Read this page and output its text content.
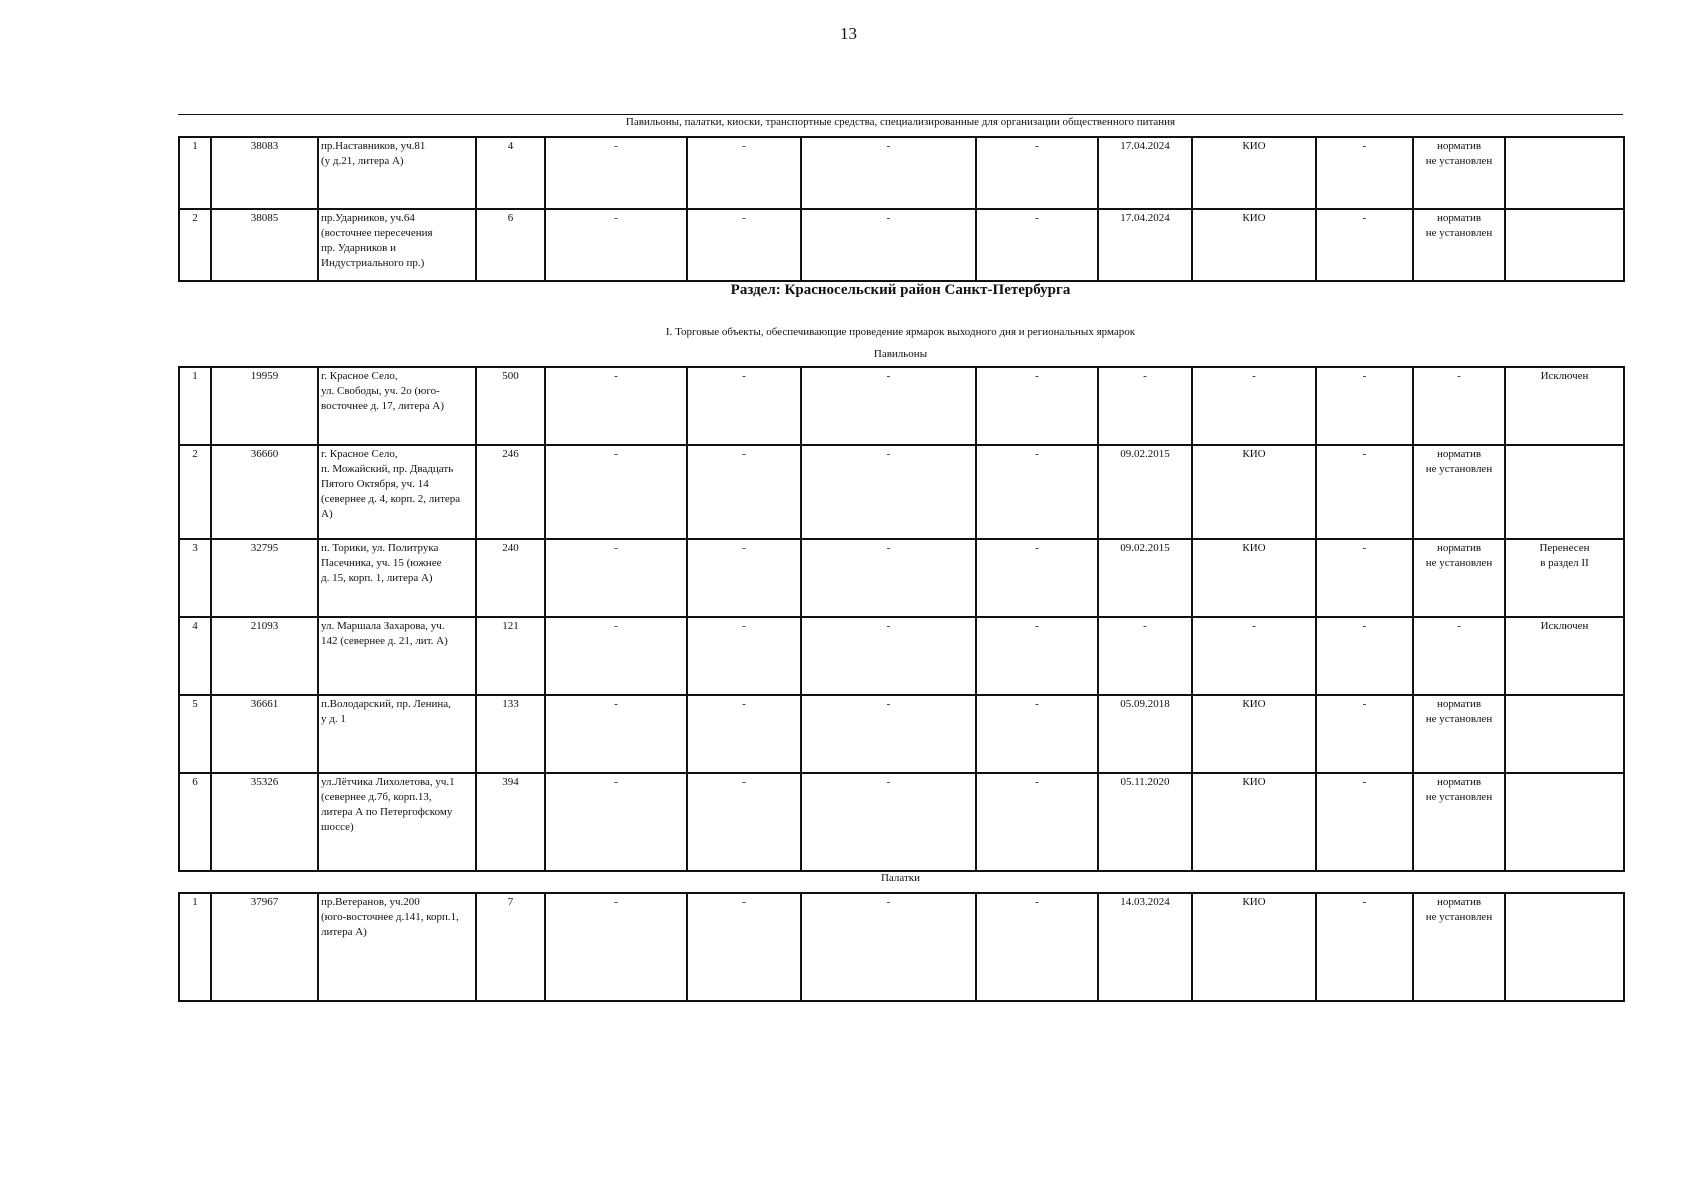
13
Павильоны, палатки, киоски, транспортные средства, специализированные для организации общественного питания
1	38083	пр.Наставников, уч.81
(у д.21, литера А)	4	-	-	-	-	17.04.2024	КИО	-	норматив
не установлен	
2	38085	пр.Ударников, уч.64
(восточнее пересечения
пр. Ударников и
Индустриального пр.)	6	-	-	-	-	17.04.2024	КИО	-	норматив
не установлен	
Раздел: Красносельский район Санкт-Петербурга
I. Торговые объекты, обеспечивающие проведение ярмарок выходного дня и региональных ярмарок
Павильоны
1	19959	г. Красное Село,
ул. Свободы, уч. 2о (юго-
восточнее д. 17, литера А)	500	-	-	-	-	-	-	-	-	Исключен
2	36660	г. Красное Село,
п. Можайский, пр. Двадцать
Пятого Октября, уч. 14
(севернее д. 4, корп. 2, литера
А)	246	-	-	-	-	09.02.2015	КИО	-	норматив
не установлен	
3	32795	п. Торики, ул. Политрука
Пасечника, уч. 15 (южнее
д. 15, корп. 1, литера А)	240	-	-	-	-	09.02.2015	КИО	-	норматив
не установлен	Перенесен
в раздел II
4	21093	ул. Маршала Захарова, уч.
142 (севернее д. 21, лит. А)	121	-	-	-	-	-	-	-	-	Исключен
5	36661	п.Володарский, пр. Ленина,
у д. 1	133	-	-	-	-	05.09.2018	КИО	-	норматив
не установлен	
6	35326	ул.Лётчика Лихолетова, уч.1
(севернее д.7б, корп.13,
литера А по Петергофскому
шоссе)	394	-	-	-	-	05.11.2020	КИО	-	норматив
не установлен	
Палатки
1	37967	пр.Ветеранов, уч.200
(юго-восточнее д.141, корп.1,
литера А)	7	-	-	-	-	14.03.2024	КИО	-	норматив
не установлен	
